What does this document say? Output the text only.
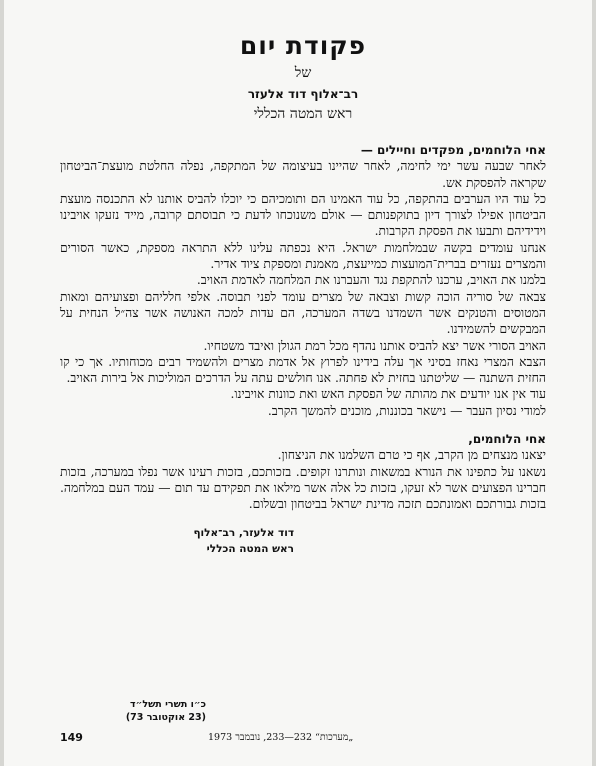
פקודת יום

של

רב־אלוף דוד אלעזר

ראש המטה הכללי

אחי הלוחמים, מפקדים וחיילים —

לאחר שבעה עשר ימי לחימה, לאחר שהיינו בעיצומה של המתקפה, נפלה החלטת מועצת־הביטחון שקראה להפסקת אש.

כל עוד היו הערבים בהתקפה, כל עוד האמינו הם ותומכיהם כי יוכלו להביס אותנו לא התכנסה מועצת הביטחון אפילו לצורך דיון בתוקפנותם — אולם משנוכחו לדעת כי תבוסתם קרובה, מייד נזעקו אויבינו וידידיהם ותבעו את הפסקת הקרבות.

אנחנו עומדים בקשה שבמלחמות ישראל. היא נכפתה עלינו ללא התראה מספקת, כאשר הסורים והמצרים נעזרים בברית־המועצות כמייעצת, מאמנת ומספקת ציוד אדיר.

בלמנו את האויב, ערכנו להתקפת נגד והעברנו את המלחמה לאדמת האויב.

צבאה של סוריה הוכה קשות וצבאה של מצרים עומד לפני תבוסה. אלפי חלליהם ופצועיהם ומאות המטוסים והטנקים אשר השמדנו בשדה המערכה, הם עדות למכה האנושה אשר צה״ל הנחית על המבקשים להשמידנו.

האויב הסורי אשר יצא להביס אותנו נהדף מכל רמת הגולן ואיבד משטחיו.

הצבא המצרי נאחז בסיני אך עלה בידינו לפרוץ אל אדמת מצרים ולהשמיד רבים מכוחותיו. אך כי קו החזית השתנה — שליטתנו בחזית לא פחתה. אנו חולשים עתה על הדרכים המוליכות אל בירות האויב.

עוד אין אנו יודעים את מהותה של הפסקת האש ואת כוונות אויבינו.

למודי נסיון העבר — נישאר בכוננות, מוכנים להמשך הקרב.

אחי הלוחמים,

יצאנו מנצחים מן הקרב, אף כי טרם השלמנו את הניצחון.

נשאנו על כתפינו את הנורא במשאות ונותרנו זקופים. בזכותכם, בזכות רעינו אשר נפלו במערכה, בזכות חברינו הפצועים אשר לא זעקו, בזכות כל אלה אשר מילאו את תפקידם עד תום — עמד העם במלחמה. בזכות גבורתכם ואמונתכם תזכה מדינת ישראל בביטחון ובשלום.

דוד אלעזר, רב־אלוף
ראש המטה הכללי
כ״ו תשרי תשל״ד
(23 אוקטובר 73)
149	„מערכות“ 232—233, נובמבר 1973
